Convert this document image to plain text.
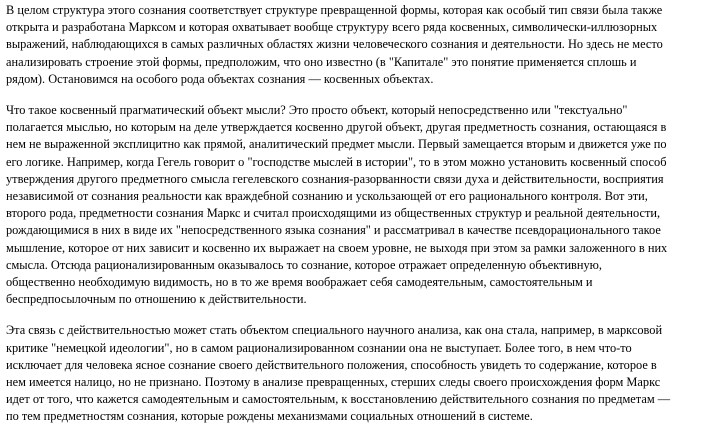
В целом структура этого сознания соответствует структуре превращенной формы, которая как особый тип связи была также
открыта и разработана Марксом и которая охватывает вообще структуру всего ряда косвенных, символически-иллюзорных
выражений, наблюдающихся в самых различных областях жизни человеческого сознания и деятельности. Но здесь не место
анализировать строение этой формы, предположим, что оно известно (в "Капитале" это понятие применяется сплошь и
рядом). Остановимся на особого рода объектах сознания — косвенных объектах.

Что такое косвенный прагматический объект мысли? Это просто объект, который непосредственно или "текстуально"
полагается мыслью, но которым на деле утверждается косвенно другой объект, другая предметность сознания, остающаяся в
нем не выраженной эксплицитно как прямой, аналитический предмет мысли. Первый замещается вторым и движется уже по
его логике. Например, когда Гегель говорит о "господстве мыслей в истории", то в этом можно установить косвенный способ
утверждения другого предметного смысла гегелевского сознания-разорванности связи духа и действительности, восприятия
независимой от сознания реальности как враждебной сознанию и ускользающей от его рационального контроля. Вот эти,
второго рода, предметности сознания Маркс и считал происходящими из общественных структур и реальной деятельности,
рождающимися в них в виде их "непосредственного языка сознания" и рассматривал в качестве псевдорационального такое
мышление, которое от них зависит и косвенно их выражает на своем уровне, не выходя при этом за рамки заложенного в них
смысла. Отсюда рационализированным оказывалось то сознание, которое отражает определенную объективную,
общественно необходимую видимость, но в то же время воображает себя самодеятельным, самостоятельным и
беспредпосылочным по отношению к действительности.

Эта связь с действительностью может стать объектом специального научного анализа, как она стала, например, в марксовой
критике "немецкой идеологии", но в самом рационализированном сознании она не выступает. Более того, в нем что-то
исключает для человека ясное сознание своего действительного положения, способность увидеть то содержание, которое в
нем имеется налицо, но не признано. Поэтому в анализе превращенных, стерших следы своего происхождения форм Маркс
идет от того, что кажется самодеятельным и самостоятельным, к восстановлению действительного сознания по предметам —
по тем предметностям сознания, которые рождены механизмами социальных отношений в системе.
